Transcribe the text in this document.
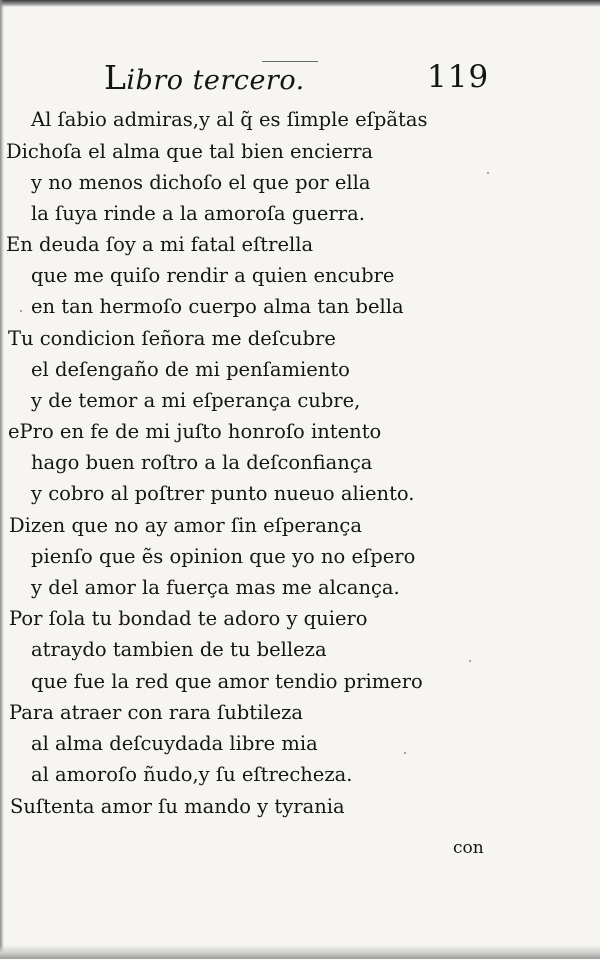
Libro tercero.	119

Al ſabio admiras,y al q̃ es ſimple eſpãtas

Dichoſa el alma que tal bien encierra

y no menos dichoſo el que por ella

la ſuya rinde a la amoroſa guerra.

En deuda ſoy a mi fatal eſtrella

que me quiſo rendir a quien encubre

en tan hermoſo cuerpo alma tan bella

Tu condicion ſeñora me deſcubre

el deſengaño de mi penſamiento

y de temor a mi eſperança cubre,

ePro en fe de mi juſto honroſo intento

hago buen roſtro a la deſconfiança

y cobro al poſtrer punto nueuo aliento.

Dizen que no ay amor ſin eſperança

pienſo que ẽs opinion que yo no eſpero

y del amor la fuerça mas me alcança.

Por ſola tu bondad te adoro y quiero

atraydo tambien de tu belleza

que fue la red que amor tendio primero

Para atraer con rara ſubtileza

al alma deſcuydada libre mia

al amoroſo ñudo,y ſu eſtrecheza.

Suſtenta amor ſu mando y tyrania

con
